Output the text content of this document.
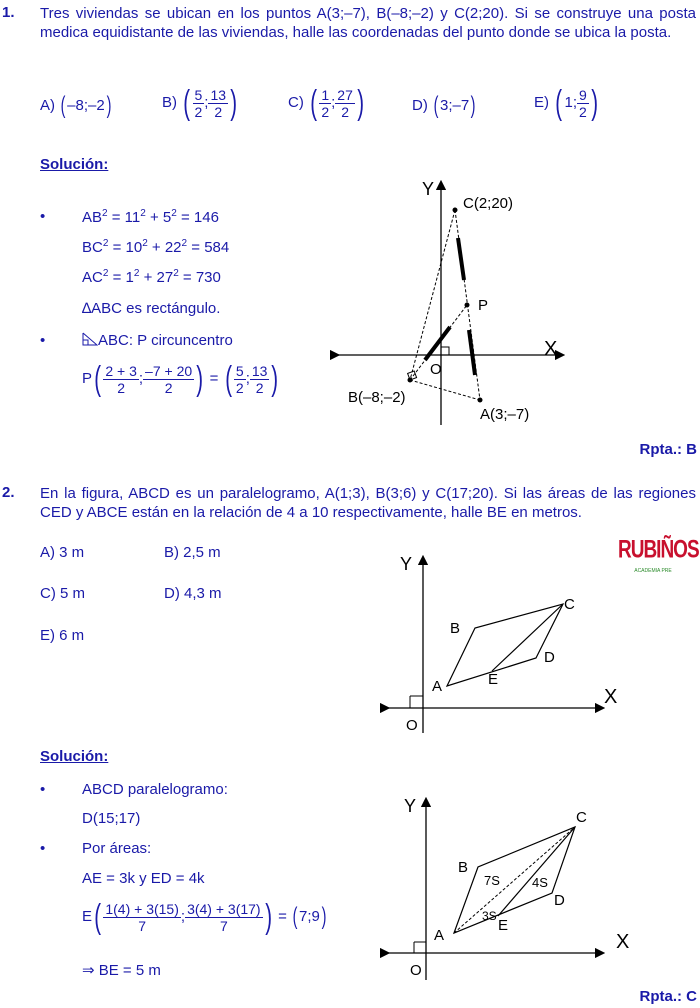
1. Tres viviendas se ubican en los puntos A(3;–7), B(–8;–2) y C(2;20). Si se construye una posta medica equidistante de las viviendas, halle las coordenadas del punto donde se ubica la posta.
A) ( –8;–2)	B) ( $\frac{5}{2}$ ; $\frac{13}{2}$ )	C) ( $\frac{1}{2}$ ; $\frac{27}{2}$ )	D) ( 3;–7)	E) ( 1; $\frac{9}{2}$ )
Solución:
• $AB^2 = 11^2 + 5^2 = 146$
$BC^2 = 10^2 + 22^2 = 584$
$AC^2 = 1^2 + 27^2 = 730$
∆ABC es rectángulo.
•	ABC: P circuncentro
$P( \frac{2 + 3}{2}$ ; $\frac{-7 + 20}{2}$ ) = ( $\frac{5}{2}$ ; $\frac{13}{2}$ )
Y
X
O
C(2;20)
P
B(–8;–2)
A(3;–7)
Rpta.: B
2. En la figura, ABCD es un paralelogramo, A(1;3), B(3;6) y C(17;20). Si las áreas de las regiones CED y ABCE están en la relación de 4 a 10 respectivamente, halle BE en metros.
A) 3 m	B) 2,5 m
C) 5 m	D) 4,3 m
E) 6 m
RUBIÑOS
ACADEMIA PRE
Y
X
O
A
B
C
D
E
Solución:
• ABCD paralelogramo:
D(15;17)
• Por áreas:
AE = 3k y ED = 4k
$E( \frac{1(4) + 3(15)}{7}$ ; $\frac{3(4) + 3(17)}{7}$ ) = ( 7;9)
⇒ BE = 5 m
Y
X
O
A
B
C
D
E
7S 4S
3S
Rpta.: C
